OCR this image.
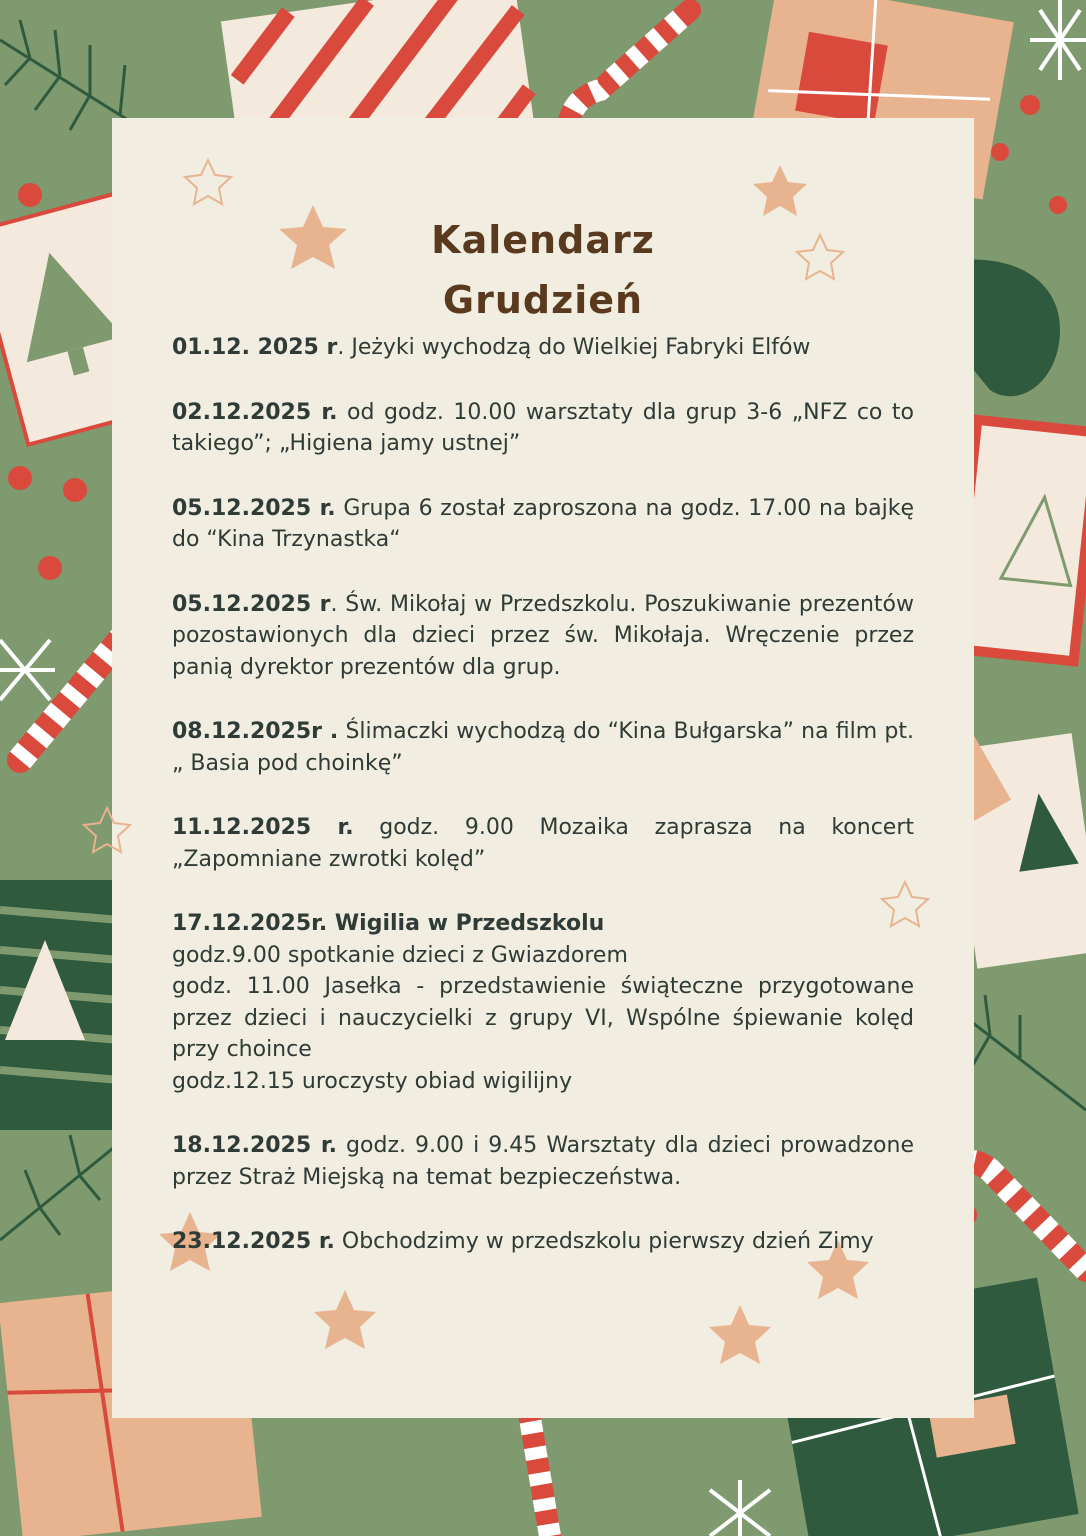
Kalendarz
Grudzień
01.12. 2025 r. Jeżyki wychodzą do Wielkiej Fabryki Elfów
02.12.2025 r. od godz. 10.00 warsztaty dla grup 3-6 „NFZ co to takiego”; „Higiena jamy ustnej”
05.12.2025 r. Grupa 6 został zaproszona na godz. 17.00 na bajkę do “Kina Trzynastka“
05.12.2025 r. Św. Mikołaj w Przedszkolu. Poszukiwanie prezentów pozostawionych dla dzieci przez św. Mikołaja. Wręczenie przez panią dyrektor prezentów dla grup.
08.12.2025r . Ślimaczki wychodzą do “Kina Bułgarska” na film pt. „ Basia pod choinkę”
11.12.2025 r. godz. 9.00 Mozaika zaprasza na koncert „Zapomniane zwrotki kolęd”
17.12.2025r. Wigilia w Przedszkolu
godz.9.00 spotkanie dzieci z Gwiazdorem
godz. 11.00 Jasełka - przedstawienie świąteczne przygotowane przez dzieci i nauczycielki z grupy VI, Wspólne śpiewanie kolęd przy choince
godz.12.15 uroczysty obiad wigilijny
18.12.2025 r. godz. 9.00 i 9.45 Warsztaty dla dzieci prowadzone przez Straż Miejską na temat bezpieczeństwa.
23.12.2025 r. Obchodzimy w przedszkolu pierwszy dzień Zimy
